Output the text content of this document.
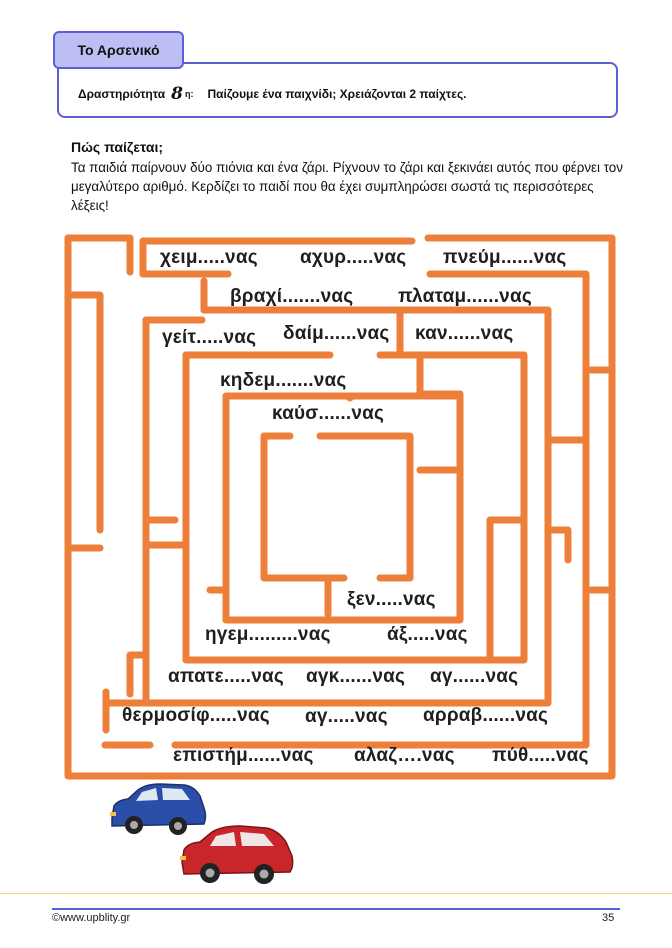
Το Αρσενικό
Δραστηριότητα 8 η: Παίζουμε ένα παιχνίδι; Χρειάζονται 2 παίχτες.
Πώς παίζεται;
Τα παιδιά παίρνουν δύο πιόνια και ένα ζάρι. Ρίχνουν το ζάρι και ξεκινάει αυτός που φέρνει τον μεγαλύτερο αριθμό. Κερδίζει το παιδί που θα έχει συμπληρώσει σωστά τις περισσότερες λέξεις!
χειμ.....νας αχυρ.....νας πνεύμ......νας
βραχί.......νας πλαταμ......νας
γείτ.....νας δαίμ......νας καν......νας
κηδεμ.......νας
καύσ......νας
ξεν.....νας
ηγεμ.........νας	άξ.....νας
απατε.....νας αγκ......νας αγ......νας
θερμοσίφ.....νας αγ.....νας αρραβ......νας
επιστήμ......νας αλαζ….νας πύθ.....νας
©www.upblity.gr	35
